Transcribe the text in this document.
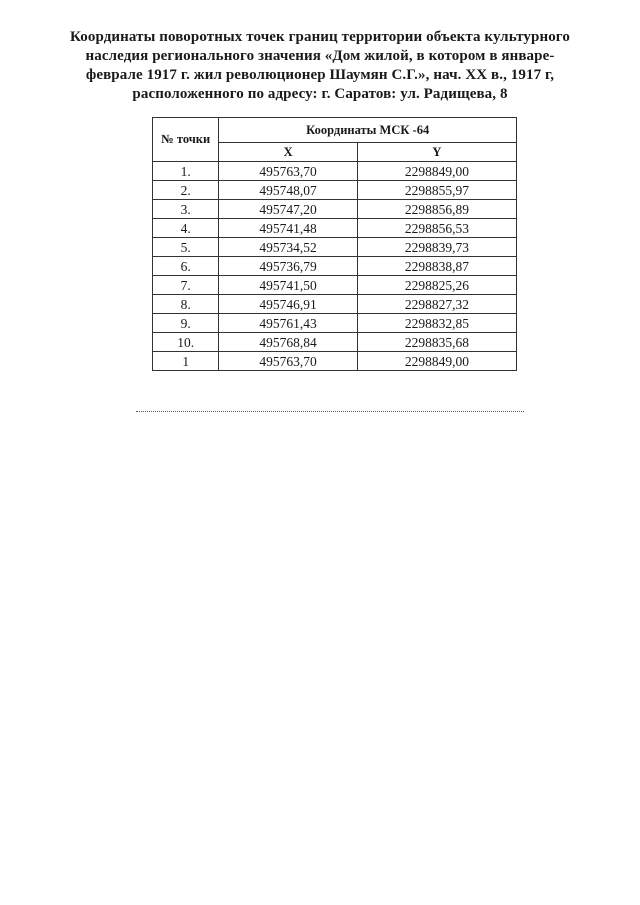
Координаты поворотных точек границ территории объекта культурного
наследия регионального значения «Дом жилой, в котором в январе-
феврале 1917 г. жил революционер Шаумян С.Г.», нач. XX в., 1917 г,
расположенного по адресу: г. Саратов: ул. Радищева, 8
№ точки	Координаты МСК -64	
	X	Y
1.	495763,70	2298849,00
2.	495748,07	2298855,97
3.	495747,20	2298856,89
4.	495741,48	2298856,53
5.	495734,52	2298839,73
6.	495736,79	2298838,87
7.	495741,50	2298825,26
8.	495746,91	2298827,32
9.	495761,43	2298832,85
10.	495768,84	2298835,68
1	495763,70	2298849,00
